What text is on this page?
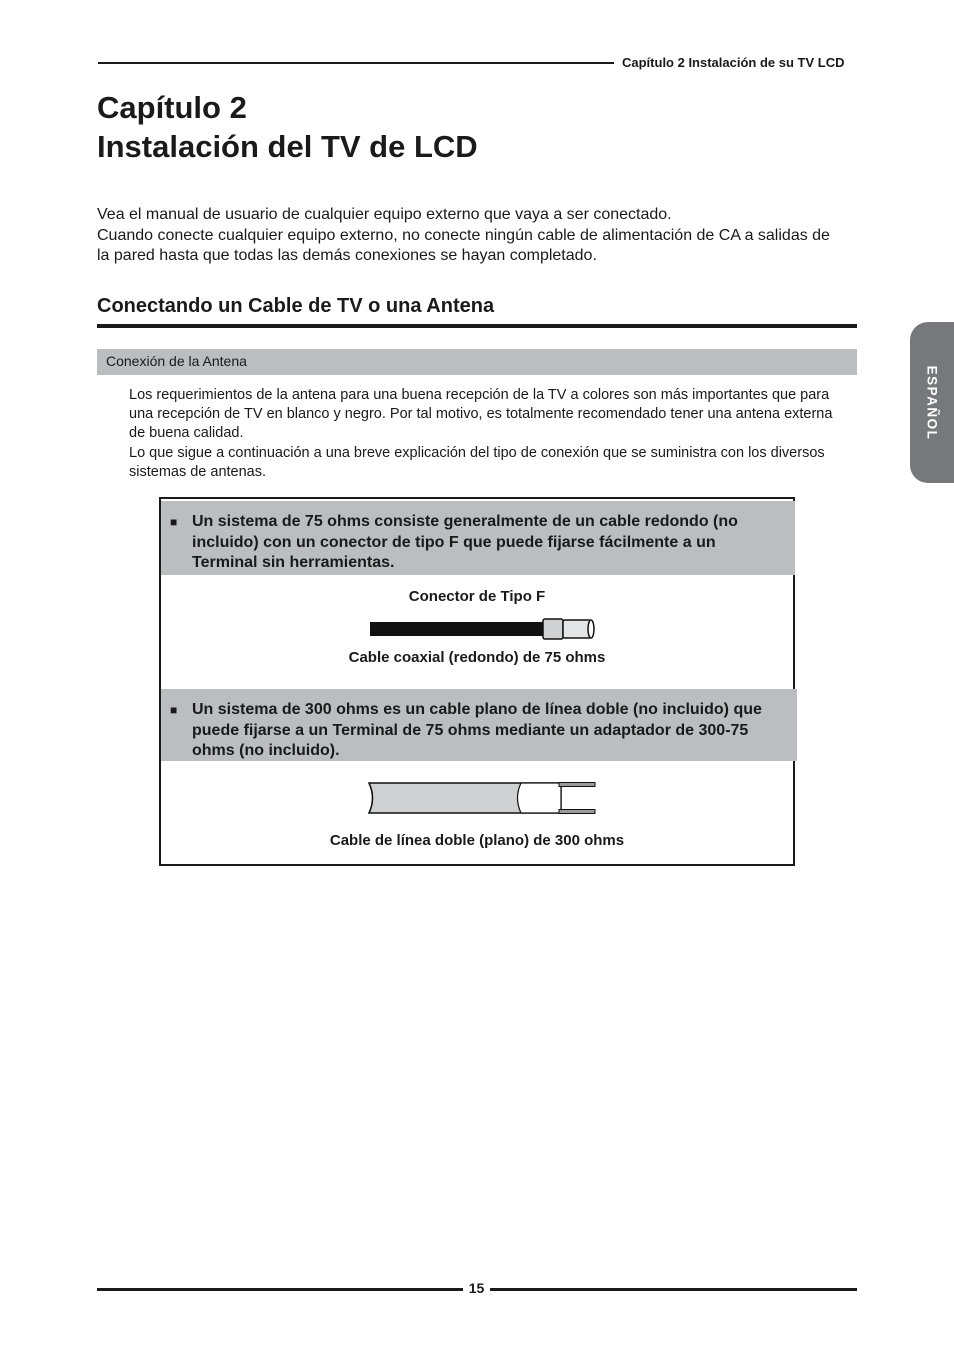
Capítulo 2 Instalación de su TV LCD
Capítulo 2
Instalación del TV de LCD

Vea el manual de usuario de cualquier equipo externo que vaya a ser conectado.

Cuando conecte cualquier equipo externo, no conecte ningún cable de alimentación de CA a salidas de la pared hasta que todas las demás conexiones se hayan completado.

Conectando un Cable de TV o una Antena
Conexión de la Antena

Los requerimientos de la antena para una buena recepción de la TV a colores son más importantes que para una recepción de TV en blanco y negro. Por tal motivo, es totalmente recomendado tener una antena externa de buena calidad.

Lo que sigue a continuación a una breve explicación del tipo de conexión que se suministra con los diversos sistemas de antenas.

■ Un sistema de 75 ohms consiste generalmente de un cable redondo (no incluido) con un conector de tipo F que puede fijarse fácilmente a un Terminal sin herramientas.
Conector de Tipo F
Cable coaxial (redondo) de 75 ohms
■ Un sistema de 300 ohms es un cable plano de línea doble (no incluido) que puede fijarse a un Terminal de 75 ohms mediante un adaptador de 300-75 ohms (no incluido).
Cable de línea doble (plano) de 300 ohms
15
ESPAÑOL
